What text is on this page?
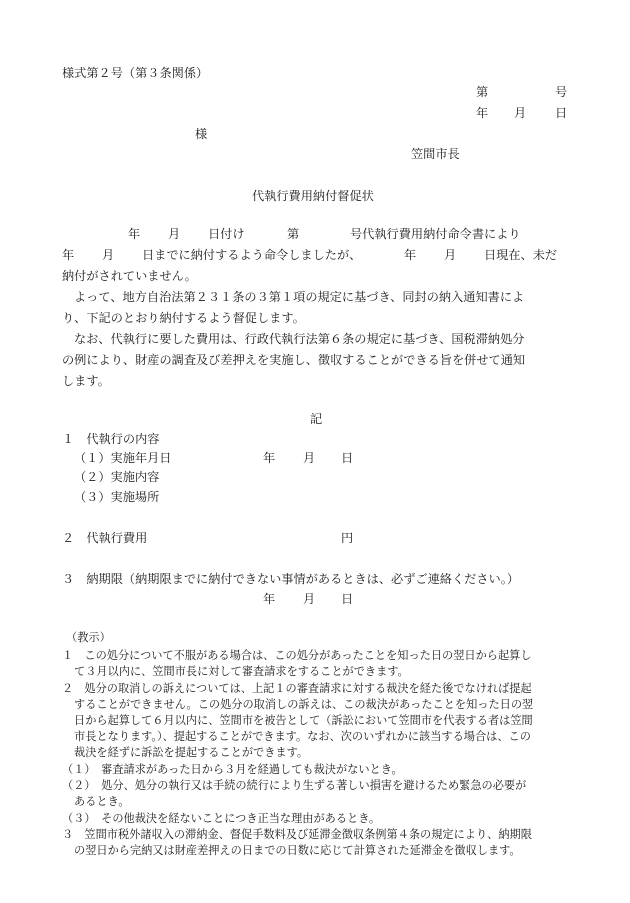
様式第２号（第３条関係）
第	号
年 月 日
様
笠間市長
代執行費用納付督促状
年 月 日付け	第	号代執行費用納付命令書により
年 月 日までに納付するよう命令しましたが、	年 月 日現在、未だ
納付がされていません。
よって、地方自治法第２３１条の３第１項の規定に基づき、同封の納入通知書によ
り、下記のとおり納付するよう督促します。
なお、代執行に要した費用は、行政代執行法第６条の規定に基づき、国税滞納処分
の例により、財産の調査及び差押えを実施し、徴収することができる旨を併せて通知
します。
記
１　代執行の内容
（１）実施年月日	年 月 日
（２）実施内容
（３）実施場所
２　代執行費用	円
３　納期限（納期限までに納付できない事情があるときは、必ずご連絡ください。）
年 月 日
（教示）
１　この処分について不服がある場合は、この処分があったことを知った日の翌日から起算し
て３月以内に、笠間市長に対して審査請求をすることができます。
２　処分の取消しの訴えについては、上記１の審査請求に対する裁決を経た後でなければ提起
することができません。この処分の取消しの訴えは、この裁決があったことを知った日の翌
日から起算して６月以内に、笠間市を被告として（訴訟において笠間市を代表する者は笠間
市長となります。）、提起することができます。なお、次のいずれかに該当する場合は、この
裁決を経ずに訴訟を提起することができます。
（１）　審査請求があった日から３月を経過しても裁決がないとき。
（２）　処分、処分の執行又は手続の続行により生ずる著しい損害を避けるため緊急の必要が
あるとき。
（３）　その他裁決を経ないことにつき正当な理由があるとき。
３　笠間市税外諸収入の滞納金、督促手数料及び延滞金徴収条例第４条の規定により、納期限
の翌日から完納又は財産差押えの日までの日数に応じて計算された延滞金を徴収します。
